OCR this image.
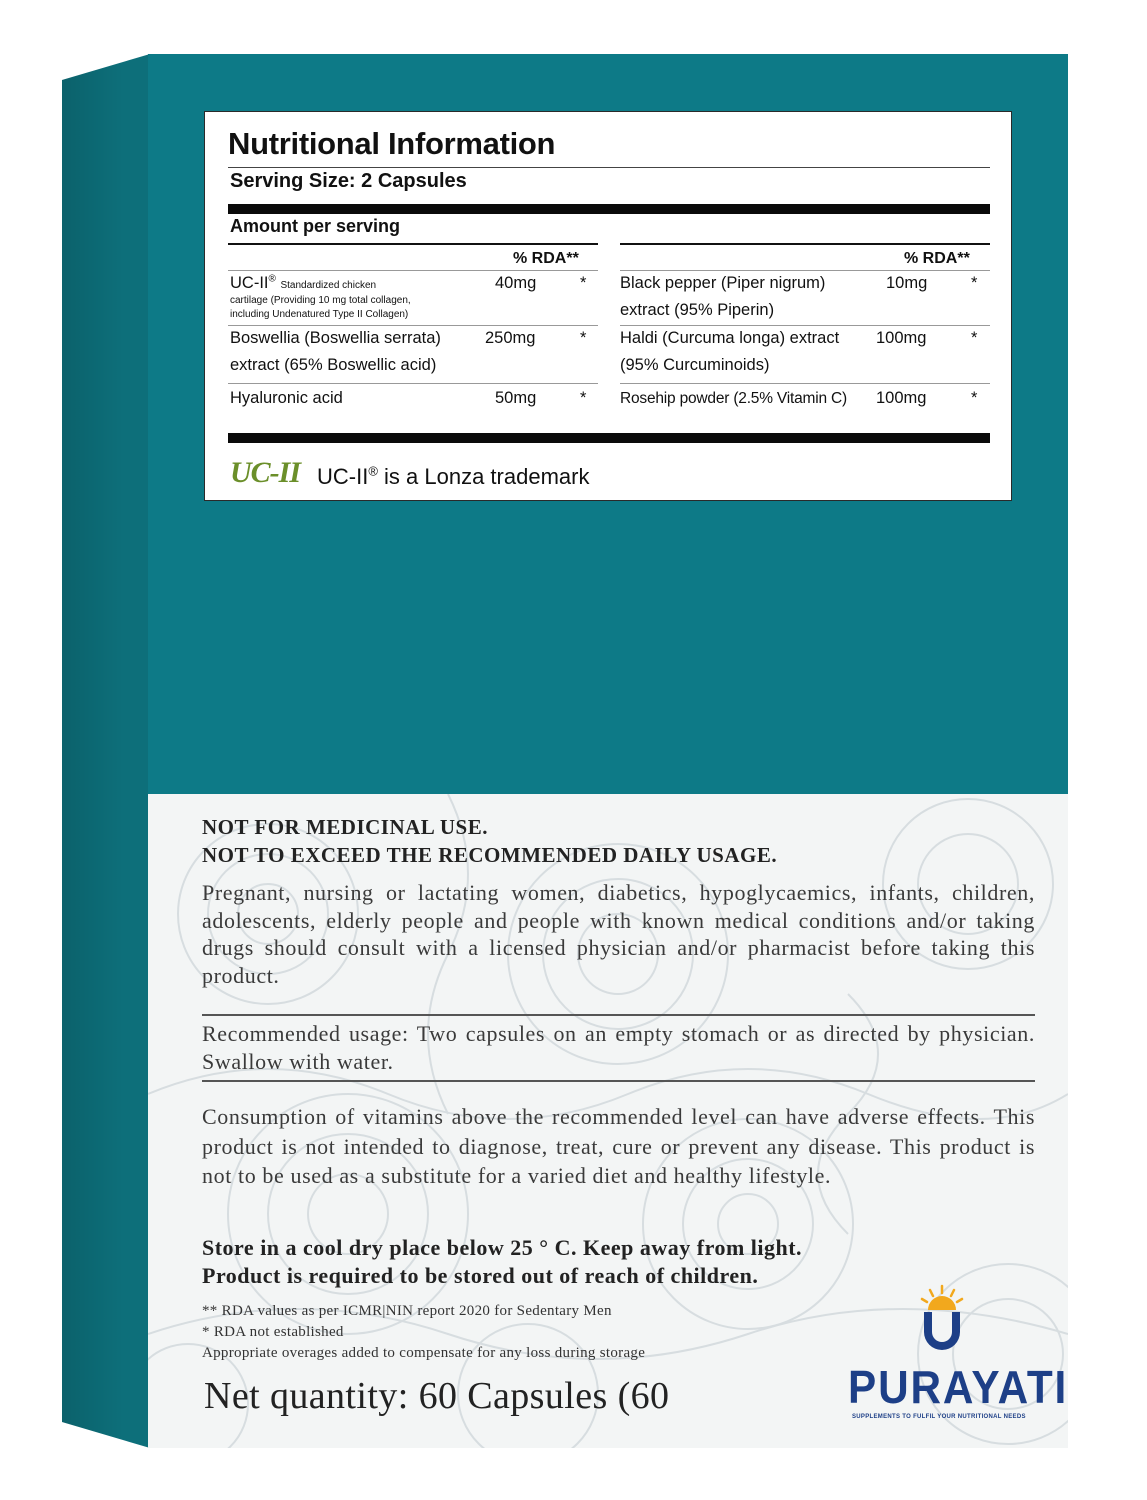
Nutritional Information
Serving Size: 2 Capsules
Amount per serving
% RDA**
UC-II® Standardized chicken
cartilage (Providing 10 mg total collagen,
including Undenatured Type II Collagen)
40mg	*
Boswellia (Boswellia serrata)
extract (65% Boswellic acid)
250mg	*
Hyaluronic acid	50mg	*
% RDA**
Black pepper (Piper nigrum)
extract (95% Piperin)
10mg	*
Haldi (Curcuma longa) extract
(95% Curcuminoids)
100mg	*
Rosehip powder (2.5% Vitamin C) 100mg	*
UC-II UC-II® is a Lonza trademark
NOT FOR MEDICINAL USE.
NOT TO EXCEED THE RECOMMENDED DAILY USAGE.
Pregnant, nursing or lactating women, diabetics, hypoglycaemics, infants, children, adolescents, elderly people and people with known medical conditions and/or taking drugs should consult with a licensed physician and/or pharmacist before taking this product.
Recommended usage: Two capsules on an empty stomach or as directed by physician. Swallow with water.
Consumption of vitamins above the recommended level can have adverse effects. This product is not intended to diagnose, treat, cure or prevent any disease. This product is not to be used as a substitute for a varied diet and healthy lifestyle.
Store in a cool dry place below 25 ° C. Keep away from light.
Product is required to be stored out of reach of children.
** RDA values as per ICMR|NIN report 2020 for Sedentary Men
* RDA not established
Appropriate overages added to compensate for any loss during storage
Net quantity: 60 Capsules (60	PURAYATI
SUPPLEMENTS TO FULFIL YOUR NUTRITIONAL NEEDS
